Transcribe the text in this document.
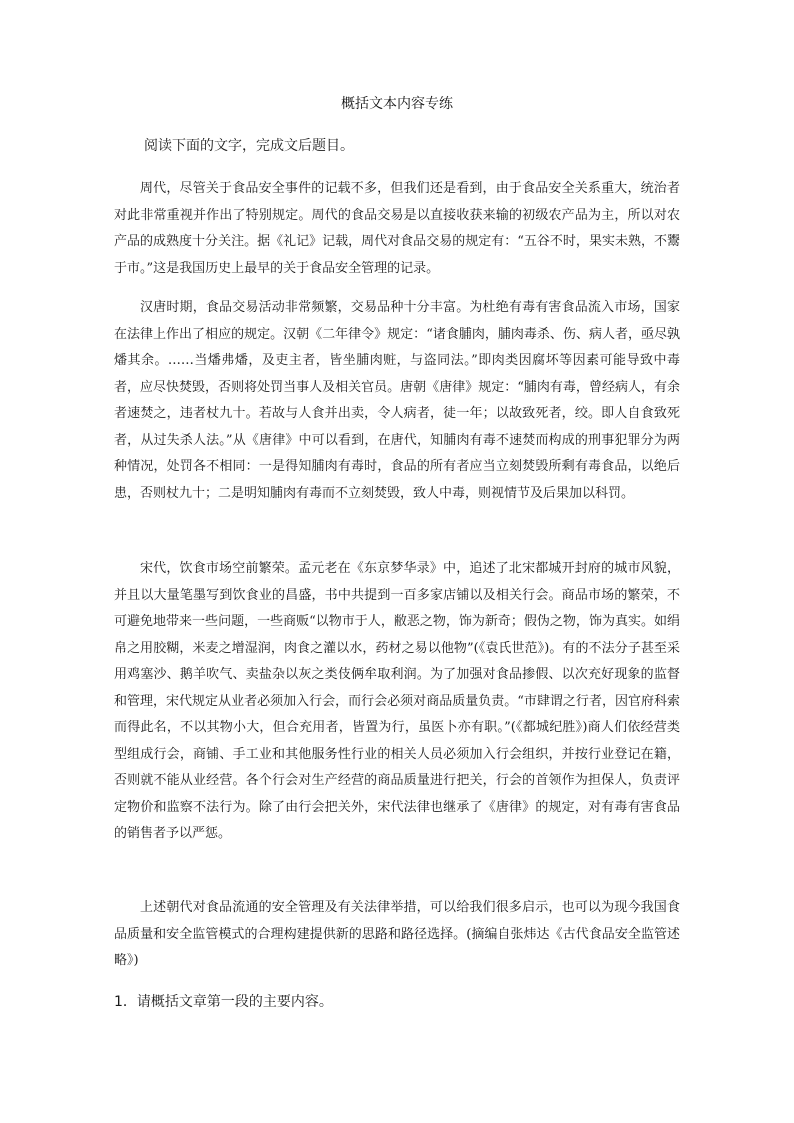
概括文本内容专练
阅读下面的文字，完成文后题目。

周代，尽管关于食品安全事件的记载不多，但我们还是看到，由于食品安全关系重大，统治者对此非常重视并作出了特别规定。周代的食品交易是以直接收获来输的初级农产品为主，所以对农产品的成熟度十分关注。据《礼记》记载，周代对食品交易的规定有：“五谷不时，果实未熟，不鬻于市。”这是我国历史上最早的关于食品安全管理的记录。

汉唐时期，食品交易活动非常频繁，交易品种十分丰富。为杜绝有毒有害食品流入市场，国家在法律上作出了相应的规定。汉朝《二年律令》规定：“诸食脯肉，脯肉毒杀、伤、病人者，亟尽孰燔其余。……当燔弗燔，及吏主者，皆坐脯肉赃，与盗同法。”即肉类因腐坏等因素可能导致中毒者，应尽快焚毁，否则将处罚当事人及相关官员。唐朝《唐律》规定：“脯肉有毒，曾经病人，有余者速焚之，违者杖九十。若故与人食并出卖，令人病者，徒一年；以故致死者，绞。即人自食致死者，从过失杀人法。”从《唐律》中可以看到，在唐代，知脯肉有毒不速焚而构成的刑事犯罪分为两种情况，处罚各不相同：一是得知脯肉有毒时，食品的所有者应当立刻焚毁所剩有毒食品，以绝后患，否则杖九十；二是明知脯肉有毒而不立刻焚毁，致人中毒，则视情节及后果加以科罚。

宋代，饮食市场空前繁荣。孟元老在《东京梦华录》中，追述了北宋都城开封府的城市风貌，并且以大量笔墨写到饮食业的昌盛，书中共提到一百多家店铺以及相关行会。商品市场的繁荣，不可避免地带来一些问题，一些商贩“以物市于人，敝恶之物，饰为新奇；假伪之物，饰为真实。如绢帛之用胶糊，米麦之增湿润，肉食之灌以水，药材之易以他物”(《袁氏世范》)。有的不法分子甚至采用鸡塞沙、鹅羊吹气、卖盐杂以灰之类伎俩牟取利润。为了加强对食品掺假、以次充好现象的监督和管理，宋代规定从业者必须加入行会，而行会必须对商品质量负责。“市肆谓之行者，因官府科索而得此名，不以其物小大，但合充用者，皆置为行，虽医卜亦有职。”(《都城纪胜》)商人们依经营类型组成行会，商铺、手工业和其他服务性行业的相关人员必须加入行会组织，并按行业登记在籍，否则就不能从业经营。各个行会对生产经营的商品质量进行把关，行会的首领作为担保人，负责评定物价和监察不法行为。除了由行会把关外，宋代法律也继承了《唐律》的规定，对有毒有害食品的销售者予以严惩。

上述朝代对食品流通的安全管理及有关法律举措，可以给我们很多启示，也可以为现今我国食品质量和安全监管模式的合理构建提供新的思路和路径选择。(摘编自张炜达《古代食品安全监管述略》)

1．请概括文章第一段的主要内容。
